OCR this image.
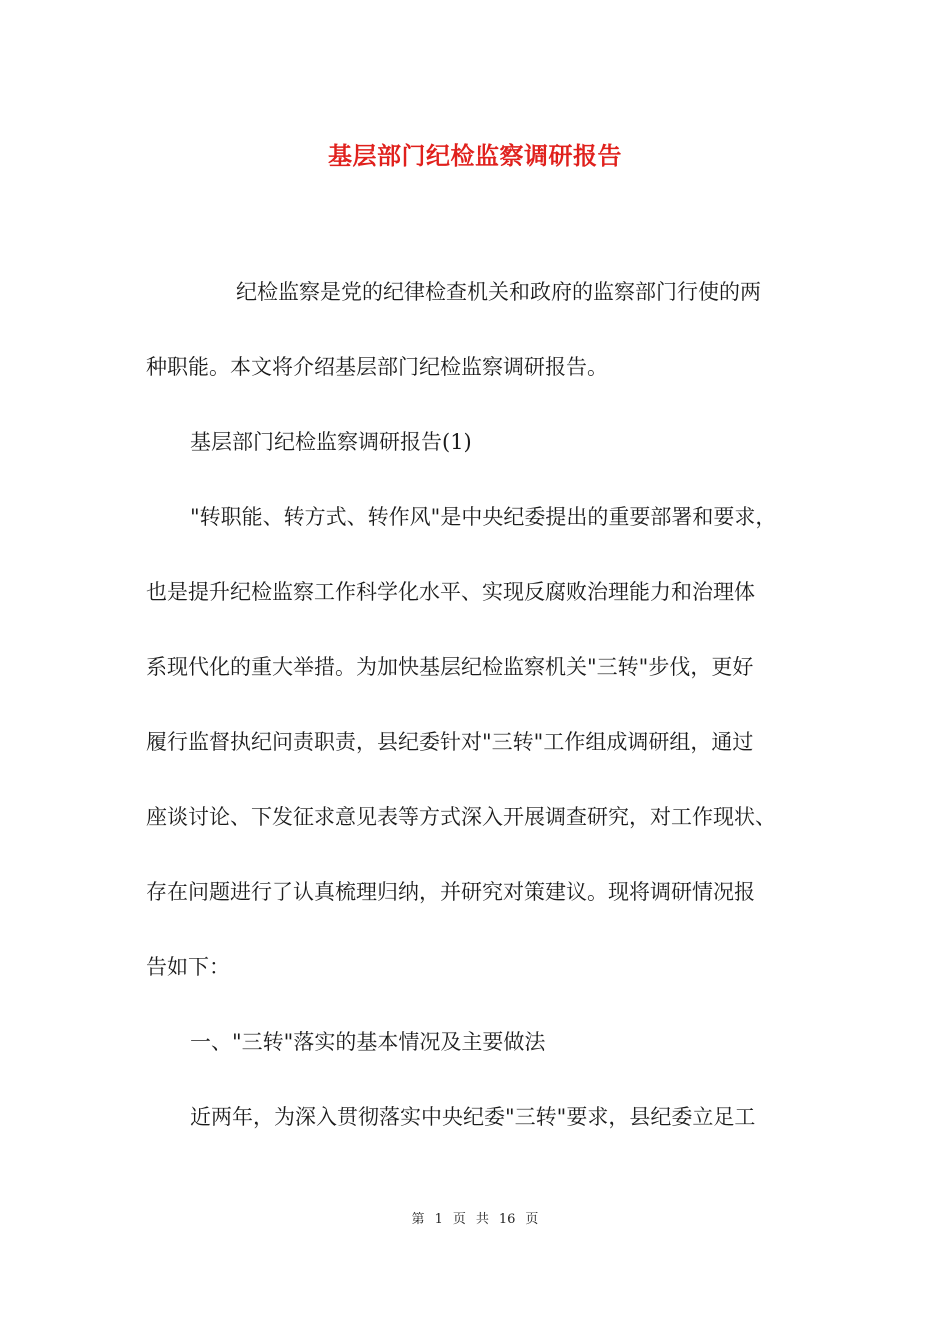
基层部门纪检监察调研报告
纪检监察是党的纪律检查机关和政府的监察部门行使的两
种职能。本文将介绍基层部门纪检监察调研报告。
基层部门纪检监察调研报告(1)
"转职能、转方式、转作风"是中央纪委提出的重要部署和要求，
也是提升纪检监察工作科学化水平、实现反腐败治理能力和治理体
系现代化的重大举措。为加快基层纪检监察机关"三转"步伐，更好
履行监督执纪问责职责，县纪委针对"三转"工作组成调研组，通过
座谈讨论、下发征求意见表等方式深入开展调查研究，对工作现状、
存在问题进行了认真梳理归纳，并研究对策建议。现将调研情况报
告如下：
一、"三转"落实的基本情况及主要做法
近两年，为深入贯彻落实中央纪委"三转"要求，县纪委立足工
第 1 页 共 16 页
